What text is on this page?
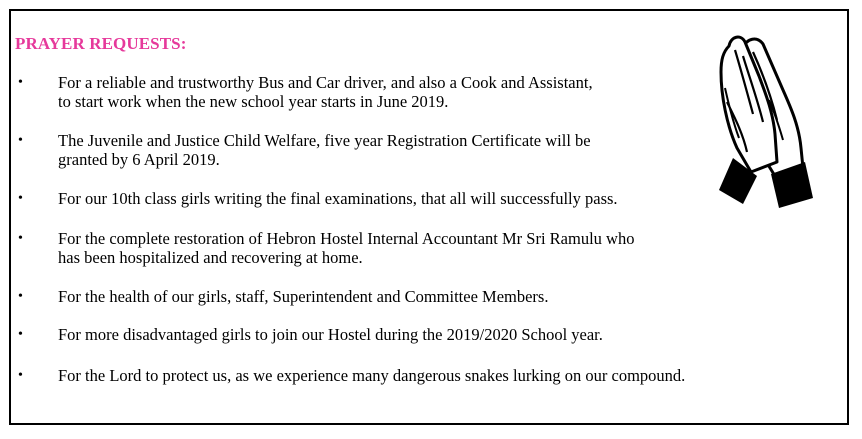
PRAYER REQUESTS:
• For a reliable and trustworthy Bus and Car driver, and also a Cook and Assistant,
to start work when the new school year starts in June 2019.
• The Juvenile and Justice Child Welfare, five year Registration Certificate will be
granted by 6 April 2019.
• For our 10th class girls writing the final examinations, that all will successfully pass.
• For the complete restoration of Hebron Hostel Internal Accountant Mr Sri Ramulu who
has been hospitalized and recovering at home.
• For the health of our girls, staff, Superintendent and Committee Members.
• For more disadvantaged girls to join our Hostel during the 2019/2020 School year.
• For the Lord to protect us, as we experience many dangerous snakes lurking on our compound.
